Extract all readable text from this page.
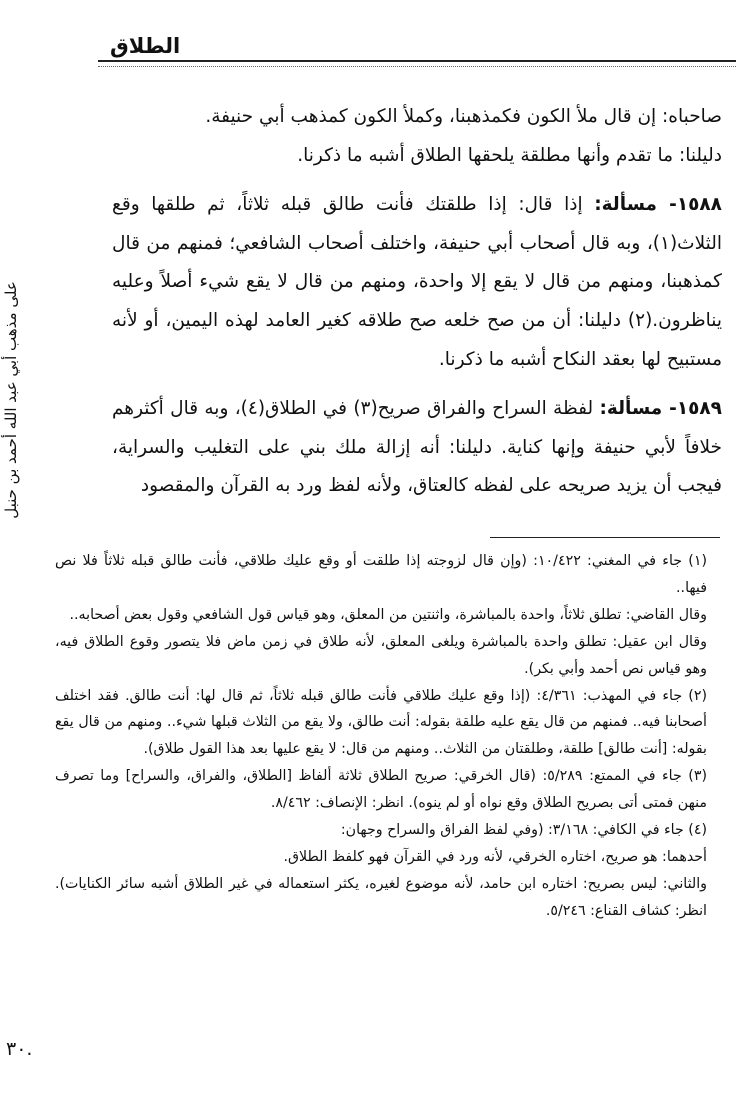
الطلاق
على مذهب أبي عبد الله أحمد بن حنبل

صاحباه: إن قال ملأ الكون فكمذهبنا، وكملأ الكون كمذهب أبي حنيفة.

دليلنا: ما تقدم وأنها مطلقة يلحقها الطلاق أشبه ما ذكرنا.

١٥٨٨- مسألة: إذا قال: إذا طلقتك فأنت طالق قبله ثلاثاً، ثم طلقها وقع الثلاث(١)، وبه قال أصحاب أبي حنيفة، واختلف أصحاب الشافعي؛ فمنهم من قال كمذهبنا، ومنهم من قال لا يقع إلا واحدة، ومنهم من قال لا يقع شيء أصلاً وعليه يناظرون.(٢) دليلنا: أن من صح خلعه صح طلاقه كغير العامد لهذه اليمين، أو لأنه مستبيح لها بعقد النكاح أشبه ما ذكرنا.

١٥٨٩- مسألة: لفظة السراح والفراق صريح(٣) في الطلاق(٤)، وبه قال أكثرهم خلافاً لأبي حنيفة وإنها كناية. دليلنا: أنه إزالة ملك بني على التغليب والسراية، فيجب أن يزيد صريحه على لفظه كالعتاق، ولأنه لفظ ورد به القرآن والمقصود

(١) جاء في المغني: ١٠/٤٢٢: (وإن قال لزوجته إذا طلقت أو وقع عليك طلاقي، فأنت طالق قبله ثلاثاً فلا نص فيها..

وقال القاضي: تطلق ثلاثاً، واحدة بالمباشرة، واثنتين من المعلق، وهو قياس قول الشافعي وقول بعض أصحابه..

وقال ابن عقيل: تطلق واحدة بالمباشرة ويلغى المعلق، لأنه طلاق في زمن ماض فلا يتصور وقوع الطلاق فيه، وهو قياس نص أحمد وأبي بكر).

(٢) جاء في المهذب: ٤/٣٦١: (إذا وقع عليك طلاقي فأنت طالق قبله ثلاثاً، ثم قال لها: أنت طالق. فقد اختلف أصحابنا فيه.. فمنهم من قال يقع عليه طلقة بقوله: أنت طالق، ولا يقع من الثلاث قبلها شيء.. ومنهم من قال يقع بقوله: [أنت طالق] طلقة، وطلقتان من الثلاث.. ومنهم من قال: لا يقع عليها بعد هذا القول طلاق).

(٣) جاء في الممتع: ٥/٢٨٩: (قال الخرقي: صريح الطلاق ثلاثة ألفاظ [الطلاق، والفراق، والسراح] وما تصرف منهن فمتى أتى بصريح الطلاق وقع نواه أو لم ينوه). انظر: الإنصاف: ٨/٤٦٢.

(٤) جاء في الكافي: ٣/١٦٨: (وفي لفظ الفراق والسراح وجهان:

أحدهما: هو صريح، اختاره الخرقي، لأنه ورد في القرآن فهو كلفظ الطلاق.

والثاني: ليس بصريح: اختاره ابن حامد، لأنه موضوع لغيره، يكثر استعماله في غير الطلاق أشبه سائر الكنايات). انظر: كشاف القناع: ٥/٢٤٦.

٣٠.
